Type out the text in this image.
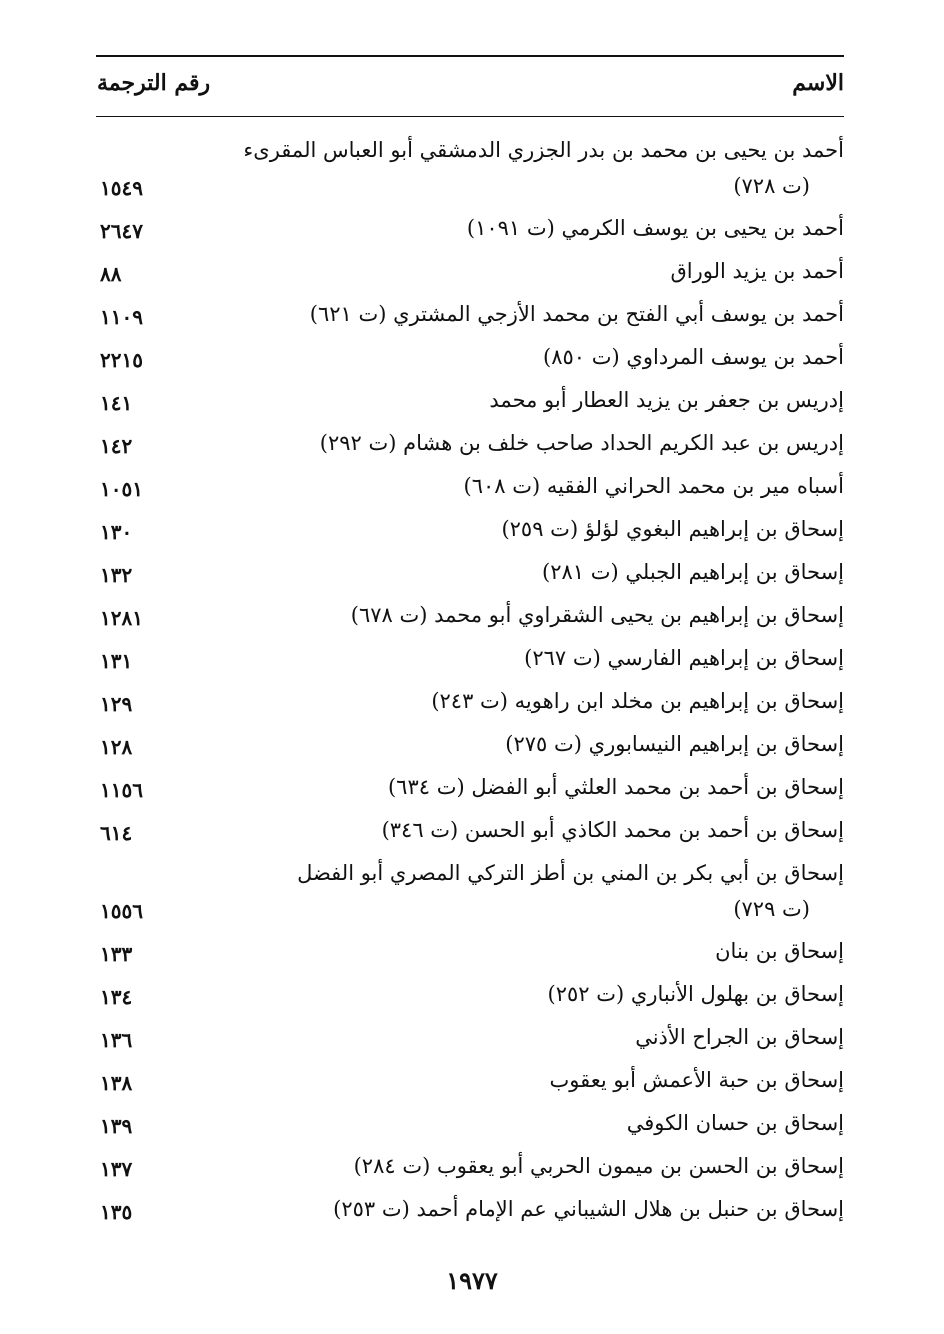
الاسم
رقم الترجمة
أحمد بن يحيى بن محمد بن بدر الجزري الدمشقي أبو العباس المقرىء
(ت ٧٢٨)
١٥٤٩
أحمد بن يحيى بن يوسف الكرمي (ت ١٠٩١)
٢٦٤٧
أحمد بن يزيد الوراق
٨٨
أحمد بن يوسف أبي الفتح بن محمد الأزجي المشتري (ت ٦٢١)
١١٠٩
أحمد بن يوسف المرداوي (ت ٨٥٠)
٢٢١٥
إدريس بن جعفر بن يزيد العطار أبو محمد
١٤١
إدريس بن عبد الكريم الحداد صاحب خلف بن هشام (ت ٢٩٢)
١٤٢
أسباه مير بن محمد الحراني الفقيه (ت ٦٠٨)
١٠٥١
إسحاق بن إبراهيم البغوي لؤلؤ (ت ٢٥٩)
١٣٠
إسحاق بن إبراهيم الجبلي (ت ٢٨١)
١٣٢
إسحاق بن إبراهيم بن يحيى الشقراوي أبو محمد (ت ٦٧٨)
١٢٨١
إسحاق بن إبراهيم الفارسي (ت ٢٦٧)
١٣١
إسحاق بن إبراهيم بن مخلد ابن راهويه (ت ٢٤٣)
١٢٩
إسحاق بن إبراهيم النيسابوري (ت ٢٧٥)
١٢٨
إسحاق بن أحمد بن محمد العلثي أبو الفضل (ت ٦٣٤)
١١٥٦
إسحاق بن أحمد بن محمد الكاذي أبو الحسن (ت ٣٤٦)
٦١٤
إسحاق بن أبي بكر بن المني بن أطز التركي المصري أبو الفضل
(ت ٧٢٩)
١٥٥٦
إسحاق بن بنان
١٣٣
إسحاق بن بهلول الأنباري (ت ٢٥٢)
١٣٤
إسحاق بن الجراح الأذني
١٣٦
إسحاق بن حبة الأعمش أبو يعقوب
١٣٨
إسحاق بن حسان الكوفي
١٣٩
إسحاق بن الحسن بن ميمون الحربي أبو يعقوب (ت ٢٨٤)
١٣٧
إسحاق بن حنبل بن هلال الشيباني عم الإمام أحمد (ت ٢٥٣)
١٣٥
١٩٧٧
